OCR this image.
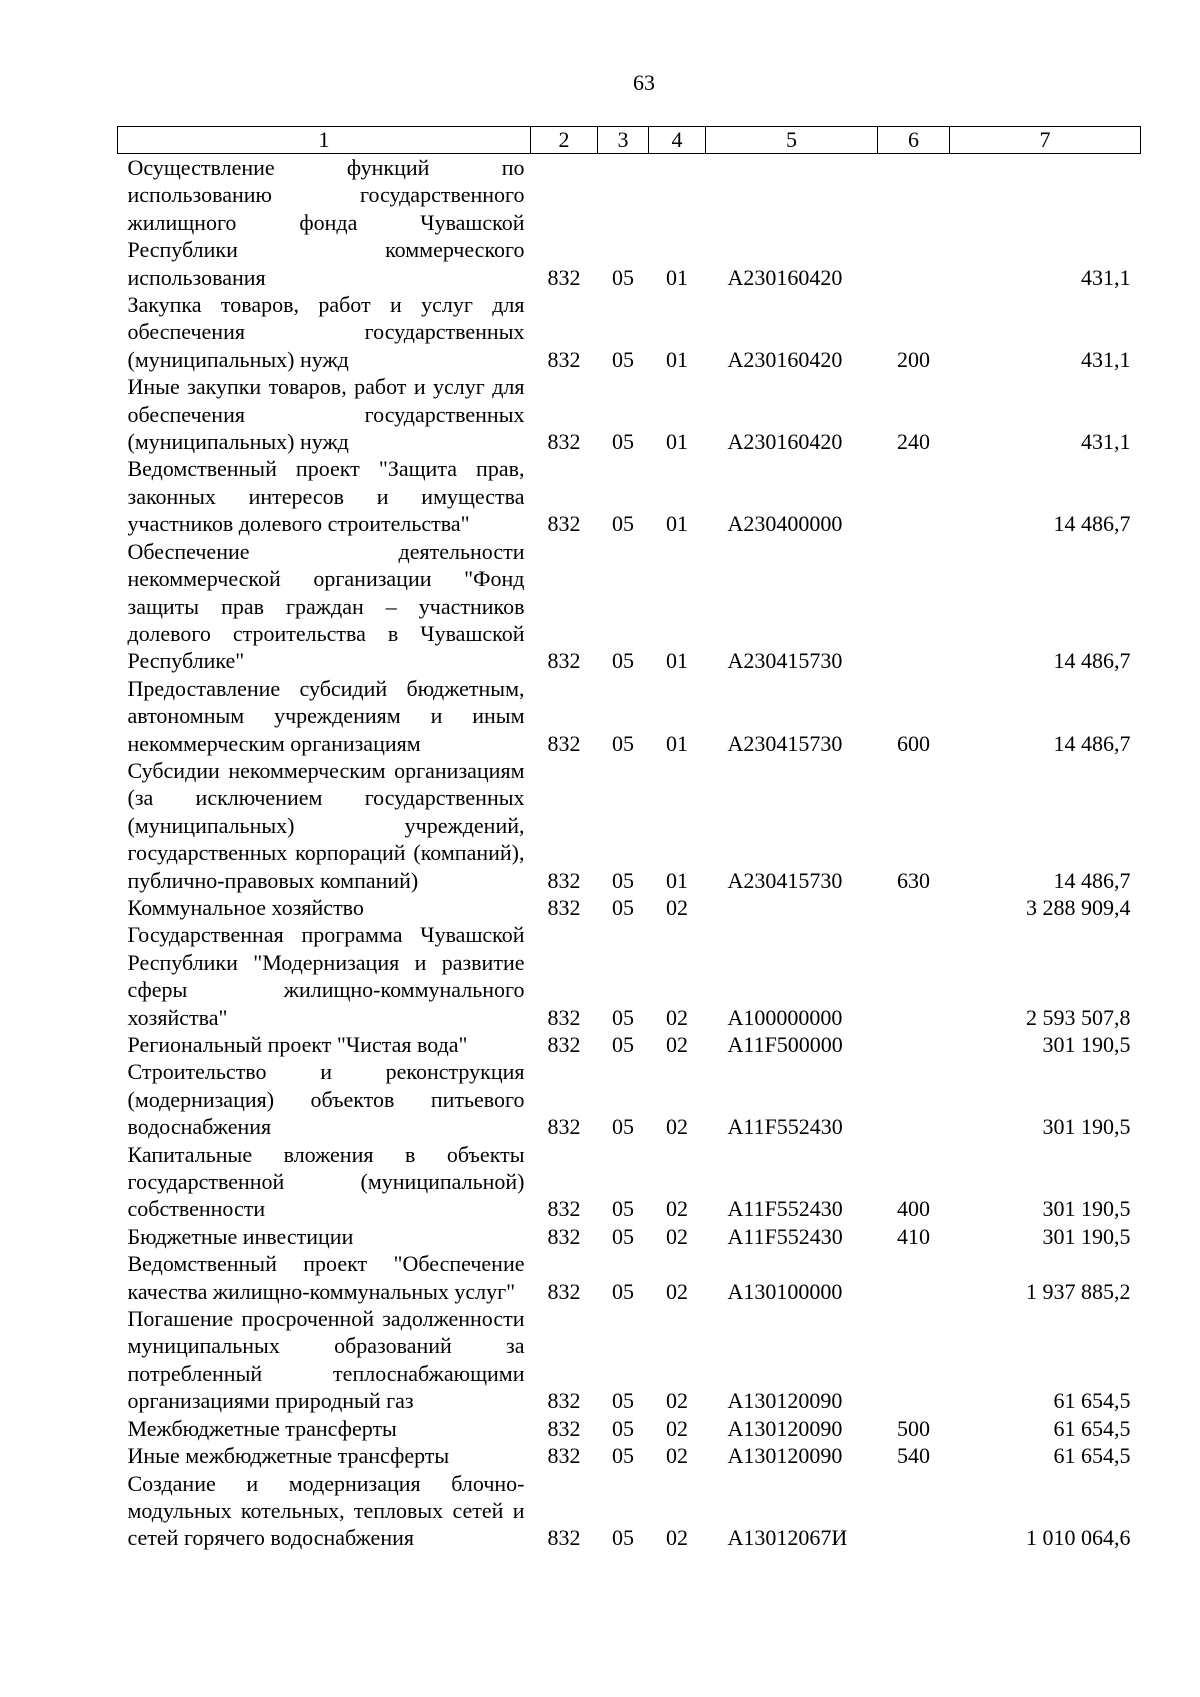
63
1	2	3	4	5	6	7
Осуществление функций по использованию государственного жилищного фонда Чувашской Республики коммерческого использования	832	05	01	А230160420		431,1
Закупка товаров, работ и услуг для обеспечения государственных (муниципальных) нужд	832	05	01	А230160420	200	431,1
Иные закупки товаров, работ и услуг для обеспечения государственных (муниципальных) нужд	832	05	01	А230160420	240	431,1
Ведомственный проект "Защита прав, законных интересов и имущества участников долевого строительства"	832	05	01	А230400000		14 486,7
Обеспечение деятельности некоммерческой организации "Фонд защиты прав граждан – участников долевого строительства в Чувашской Республике"	832	05	01	А230415730		14 486,7
Предоставление субсидий бюджетным, автономным учреждениям и иным некоммерческим организациям	832	05	01	А230415730	600	14 486,7
Субсидии некоммерческим организациям (за исключением государственных (муниципальных) учреждений, государственных корпораций (компаний), публично-правовых компаний)	832	05	01	А230415730	630	14 486,7
Коммунальное хозяйство	832	05	02			3 288 909,4
Государственная программа Чувашской Республики "Модернизация и развитие сферы жилищно-коммунального хозяйства"	832	05	02	А100000000		2 593 507,8
Региональный проект "Чистая вода"	832	05	02	А11F500000		301 190,5
Строительство и реконструкция (модернизация) объектов питьевого водоснабжения	832	05	02	А11F552430		301 190,5
Капитальные вложения в объекты государственной (муниципальной) собственности	832	05	02	А11F552430	400	301 190,5
Бюджетные инвестиции	832	05	02	А11F552430	410	301 190,5
Ведомственный проект "Обеспечение качества жилищно-коммунальных услуг"	832	05	02	А130100000		1 937 885,2
Погашение просроченной задолженности муниципальных образований за потребленный теплоснабжающими организациями природный газ	832	05	02	А130120090		61 654,5
Межбюджетные трансферты	832	05	02	А130120090	500	61 654,5
Иные межбюджетные трансферты	832	05	02	А130120090	540	61 654,5
Создание и модернизация блочно-модульных котельных, тепловых сетей и сетей горячего водоснабжения	832	05	02	А13012067И		1 010 064,6
